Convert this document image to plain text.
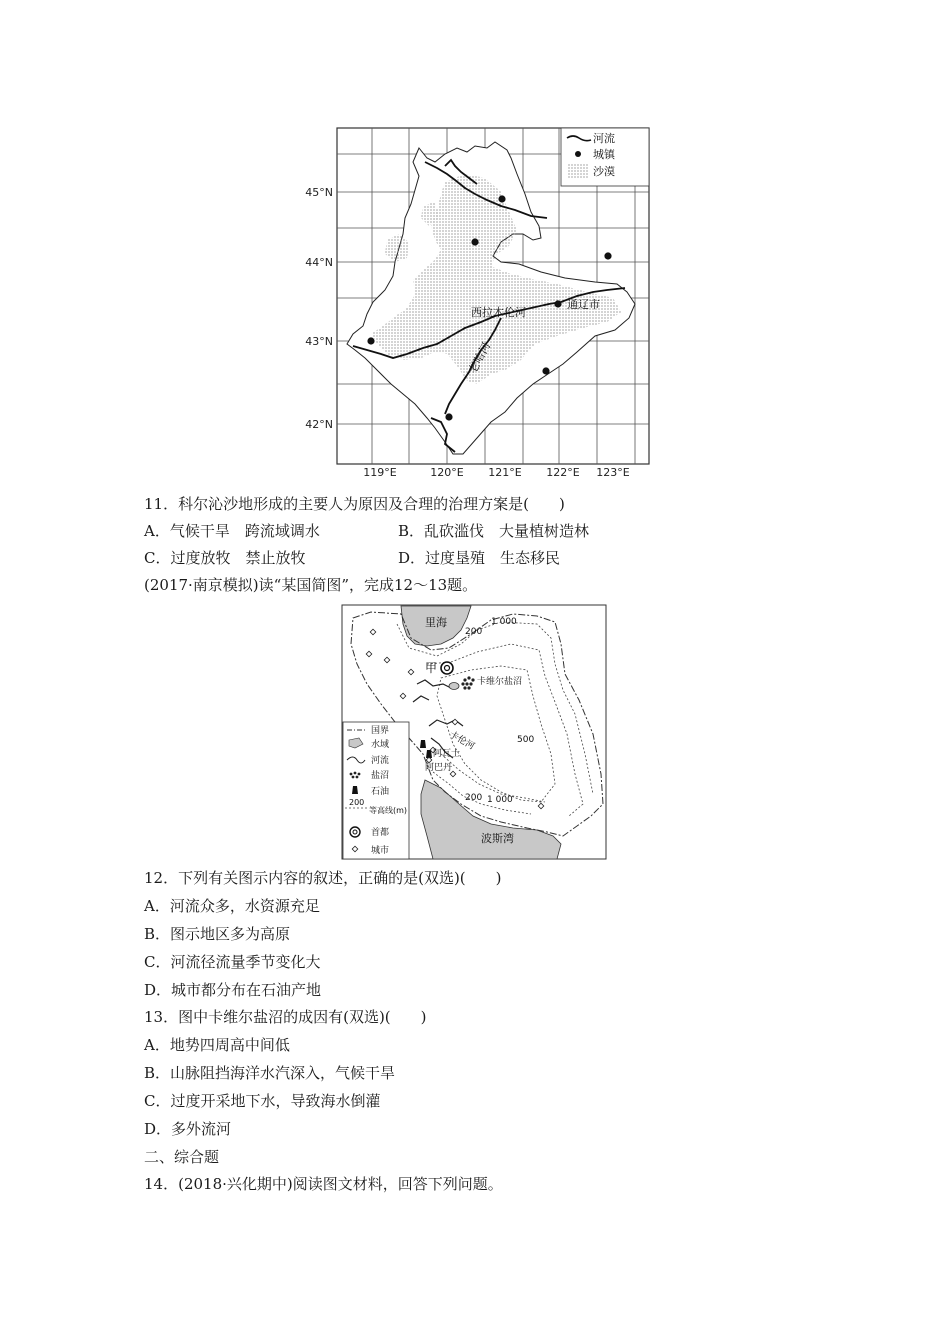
河流
城镇
沙漠
西拉木伦河
通辽市
老哈河
45°N
44°N
43°N
42°N
119°E	120°E 121°E 122°E 123°E
11．科尔沁沙地形成的主要人为原因及合理的治理方案是(　　)
A．气候干旱　跨流域调水	B．乱砍滥伐　大量植树造林
C．过度放牧　禁止放牧	D．过度垦殖　生态移民
(2017·南京模拟)读“某国简图”，完成12～13题。
国界
水域
河流
盐沼
石油
200
等高线(m)
首都
城市
里海
波斯湾
甲
卡维尔盐沼
卡伦河
阿瓦士
阿巴丹
200
1 000
500
200 1 000
12．下列有关图示内容的叙述，正确的是(双选)(　　)
A．河流众多，水资源充足
B．图示地区多为高原
C．河流径流量季节变化大
D．城市都分布在石油产地
13．图中卡维尔盐沼的成因有(双选)(　　)
A．地势四周高中间低
B．山脉阻挡海洋水汽深入，气候干旱
C．过度开采地下水，导致海水倒灌
D．多外流河
二、综合题
14．(2018·兴化期中)阅读图文材料，回答下列问题。
